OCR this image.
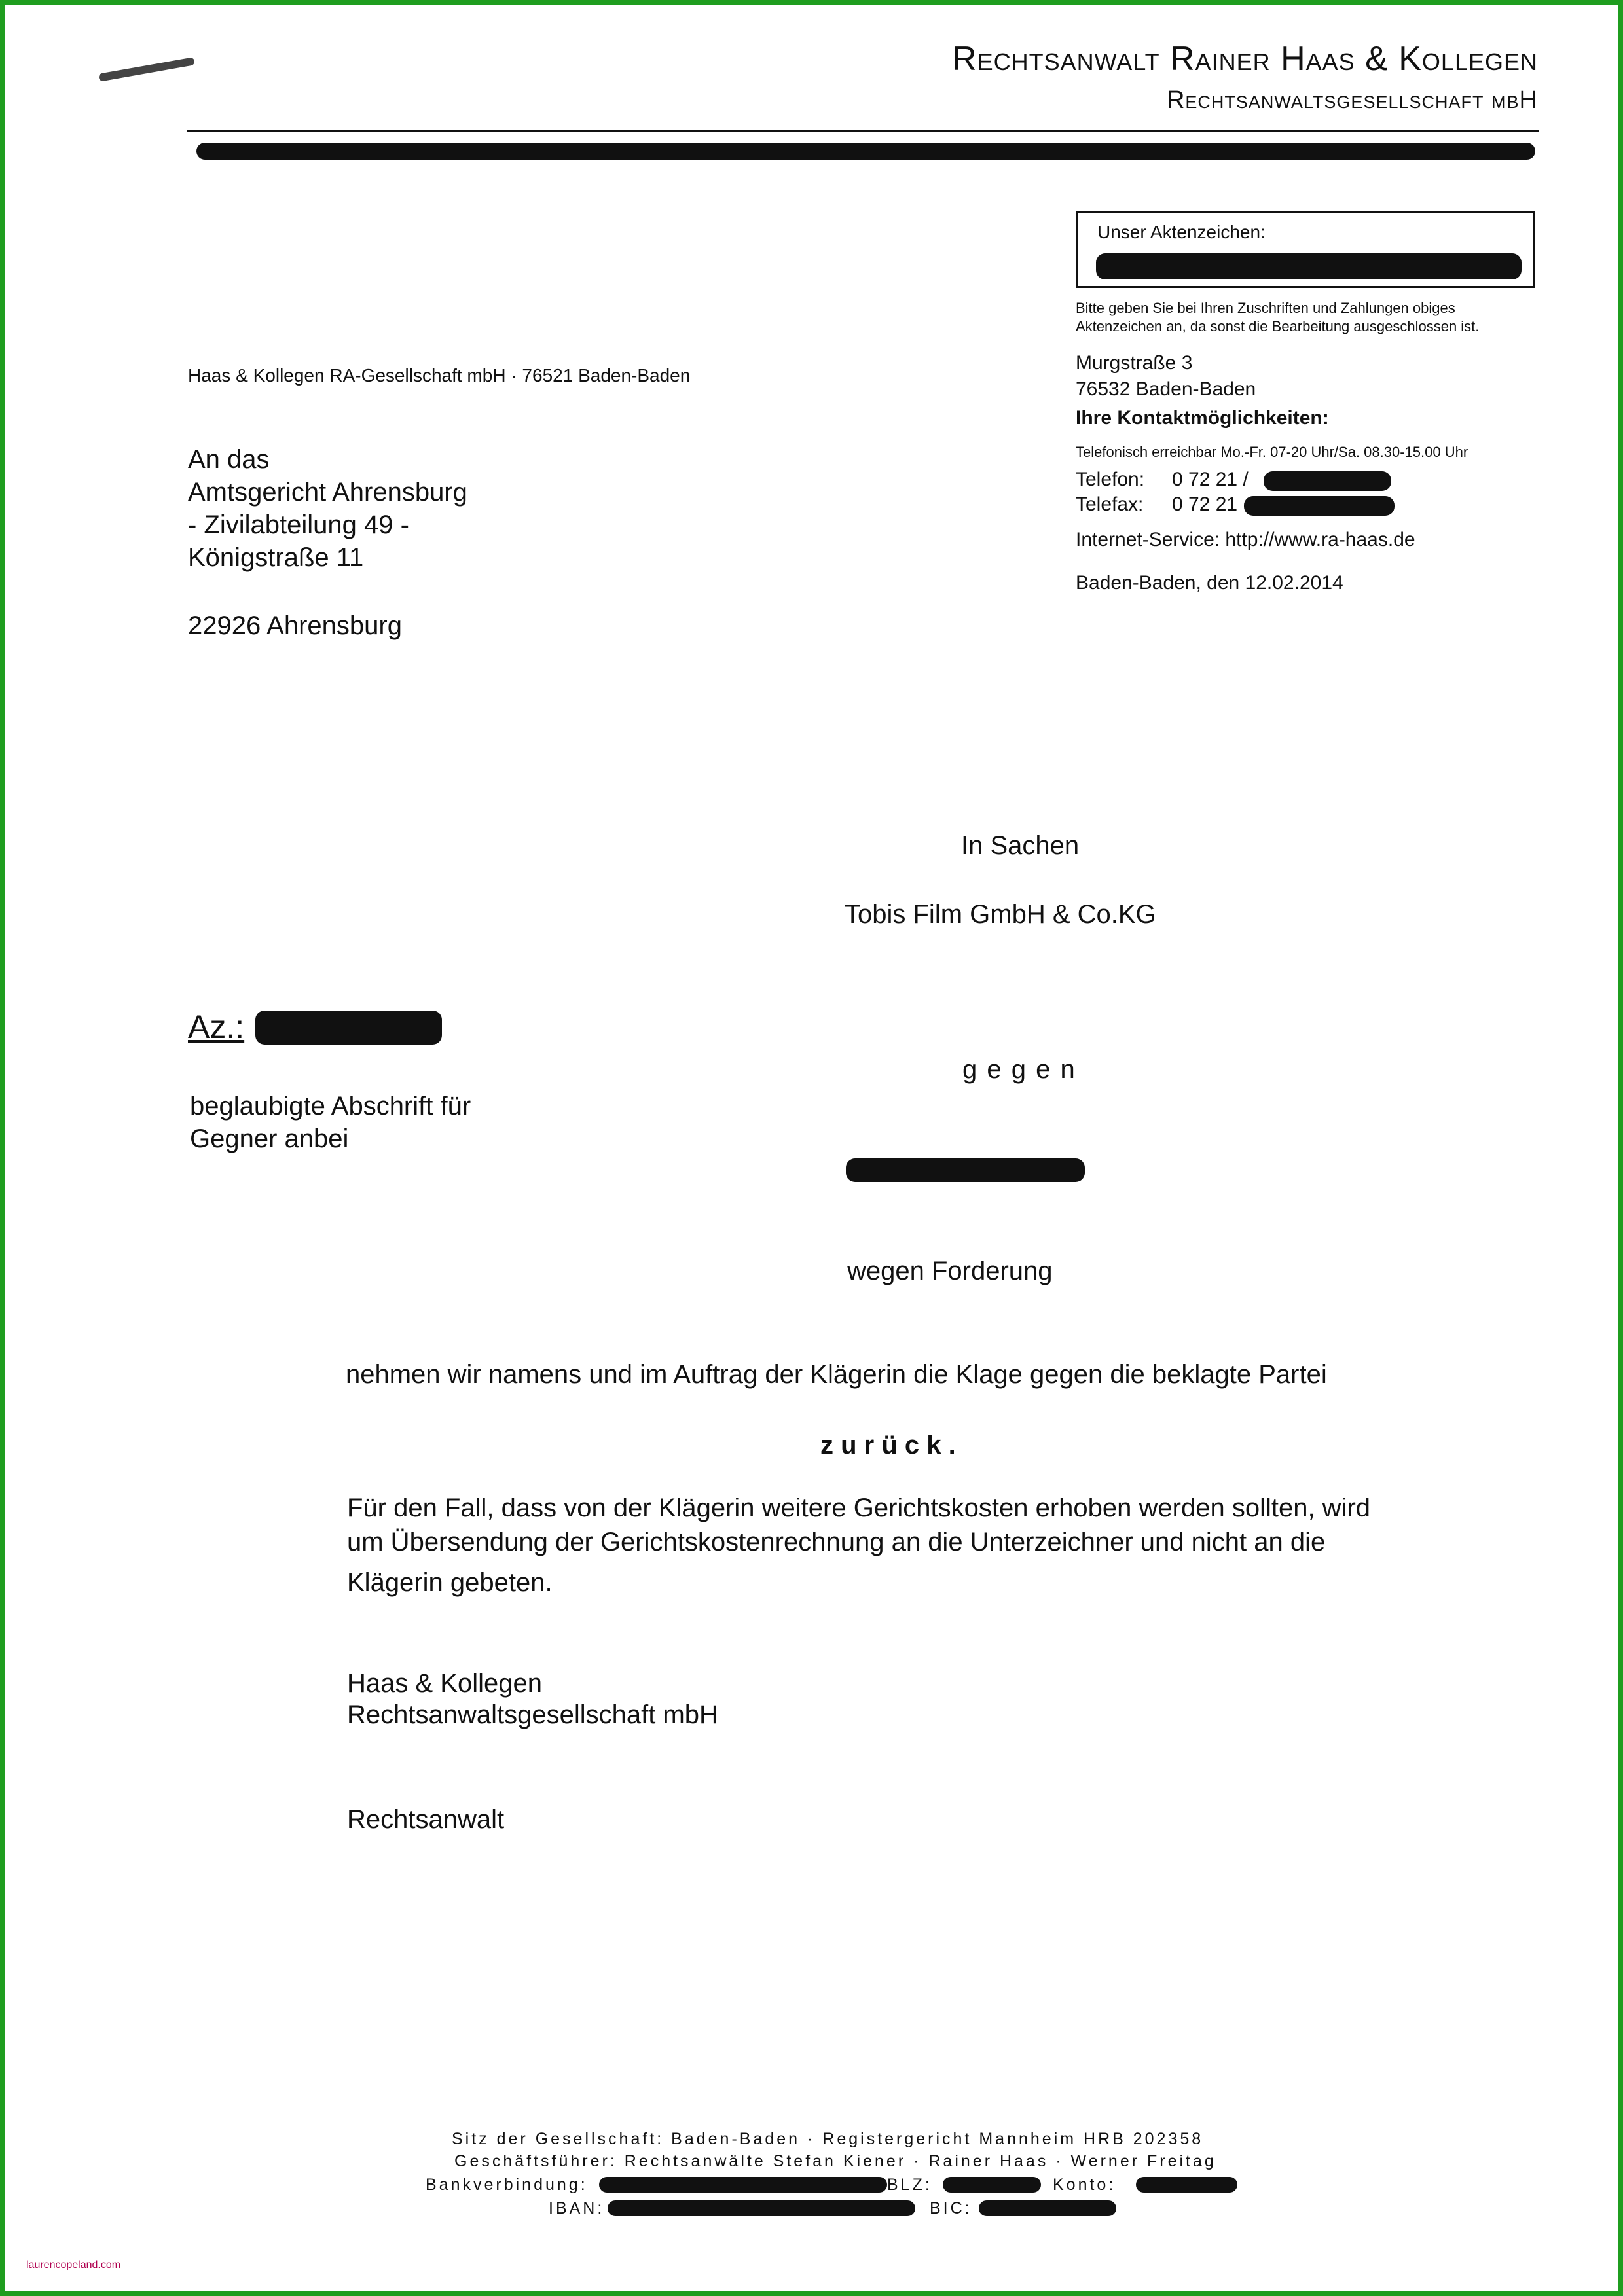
Rechtsanwalt Rainer Haas & Kollegen
Rechtsanwaltsgesellschaft mbH
Unser Aktenzeichen:
Bitte geben Sie bei Ihren Zuschriften und Zahlungen obiges
Aktenzeichen an, da sonst die Bearbeitung ausgeschlossen ist.
Haas & Kollegen RA-Gesellschaft mbH · 76521 Baden-Baden
Murgstraße 3
76532 Baden-Baden
Ihre Kontaktmöglichkeiten:
Telefonisch erreichbar Mo.-Fr. 07-20 Uhr/Sa. 08.30-15.00 Uhr
Telefon: 0 72 21 /
Telefax: 0 72 21
Internet-Service: http://www.ra-haas.de
Baden-Baden, den 12.02.2014
An das
Amtsgericht Ahrensburg
- Zivilabteilung 49 -
Königstraße 11
22926 Ahrensburg
In Sachen
Tobis Film GmbH & Co.KG
Az.:
g e g e n
beglaubigte Abschrift für
Gegner anbei
wegen Forderung
nehmen wir namens und im Auftrag der Klägerin die Klage gegen die beklagte Partei
z u r ü c k .
Für den Fall, dass von der Klägerin weitere Gerichtskosten erhoben werden sollten, wird
um Übersendung der Gerichtskostenrechnung an die Unterzeichner und nicht an die
Klägerin gebeten.
Haas & Kollegen
Rechtsanwaltsgesellschaft mbH
Rechtsanwalt
Sitz der Gesellschaft: Baden-Baden · Registergericht Mannheim HRB 202358
Geschäftsführer: Rechtsanwälte Stefan Kiener · Rainer Haas · Werner Freitag
Bankverbindung:	BLZ:	Konto:
IBAN:	BIC:
laurencopeland.com
